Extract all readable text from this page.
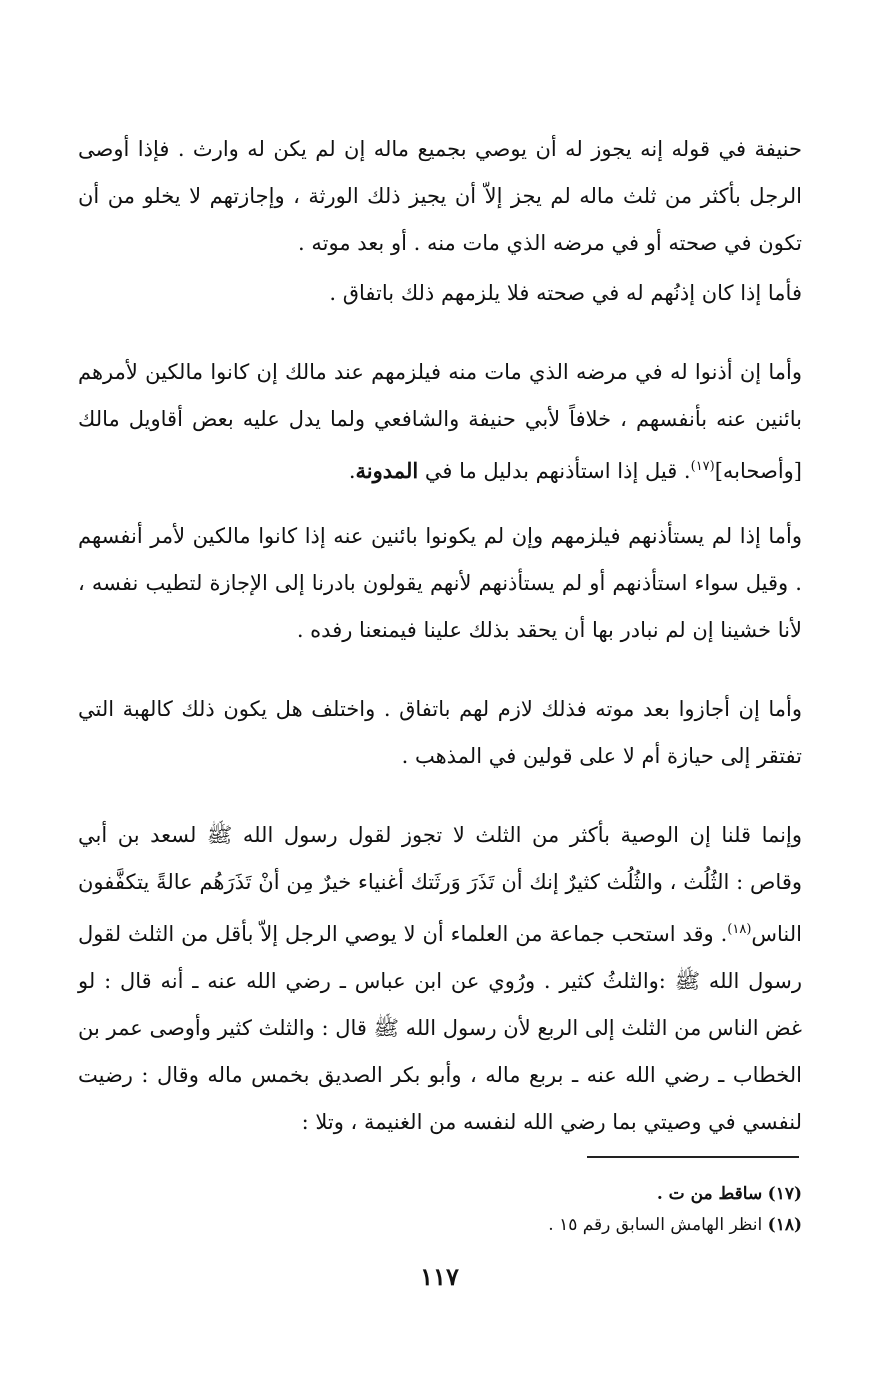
حنيفة في قوله إنه يجوز له أن يوصي بجميع ماله إن لم يكن له وارث . فإذا أوصى الرجل بأكثر من ثلث ماله لم يجز إلاّ أن يجيز ذلك الورثة ، وإجازتهم لا يخلو من أن تكون في صحته أو في مرضه الذي مات منه . أو بعد موته .

فأما إذا كان إذنُهم له في صحته فلا يلزمهم ذلك باتفاق .

وأما إن أذنوا له في مرضه الذي مات منه فيلزمهم عند مالك إن كانوا مالكين لأمرهم بائنين عنه بأنفسهم ، خلافاً لأبي حنيفة والشافعي ولما يدل عليه بعض أقاويل مالك [وأصحابه]$^{(١٧)}$. قيل إذا استأذنهم بدليل ما في المدونة.

وأما إذا لم يستأذنهم فيلزمهم وإن لم يكونوا بائنين عنه إذا كانوا مالكين لأمر أنفسهم . وقيل سواء استأذنهم أو لم يستأذنهم لأنهم يقولون بادرنا إلى الإجازة لتطيب نفسه ، لأنا خشينا إن لم نبادر بها أن يحقد بذلك علينا فيمنعنا رفده .

وأما إن أجازوا بعد موته فذلك لازم لهم باتفاق . واختلف هل يكون ذلك كالهبة التي تفتقر إلى حيازة أم لا على قولين في المذهب .

وإنما قلنا إن الوصية بأكثر من الثلث لا تجوز لقول رسول الله ﷺ لسعد بن أبي وقاص : الثُلُث ، والثُلُث كثيرٌ إنك أن تَذَرَ وَرثَتك أغنياء خيرٌ مِن أنْ تَذَرَهُم عالةً يتكفَّفون الناس$^{(١٨)}$. وقد استحب جماعة من العلماء أن لا يوصي الرجل إلاّ بأقل من الثلث لقول رسول الله ﷺ :والثلثُ كثير . ورُوي عن ابن عباس ـ رضي الله عنه ـ أنه قال : لو غض الناس من الثلث إلى الربع لأن رسول الله ﷺ قال : والثلث كثير وأوصى عمر بن الخطاب ـ رضي الله عنه ـ بربع ماله ، وأبو بكر الصديق بخمس ماله وقال : رضيت لنفسي في وصيتي بما رضي الله لنفسه من الغنيمة ، وتلا :

(١٧) ساقط من ت .
(١٨) انظر الهامش السابق رقم ١٥ .
١١٧
